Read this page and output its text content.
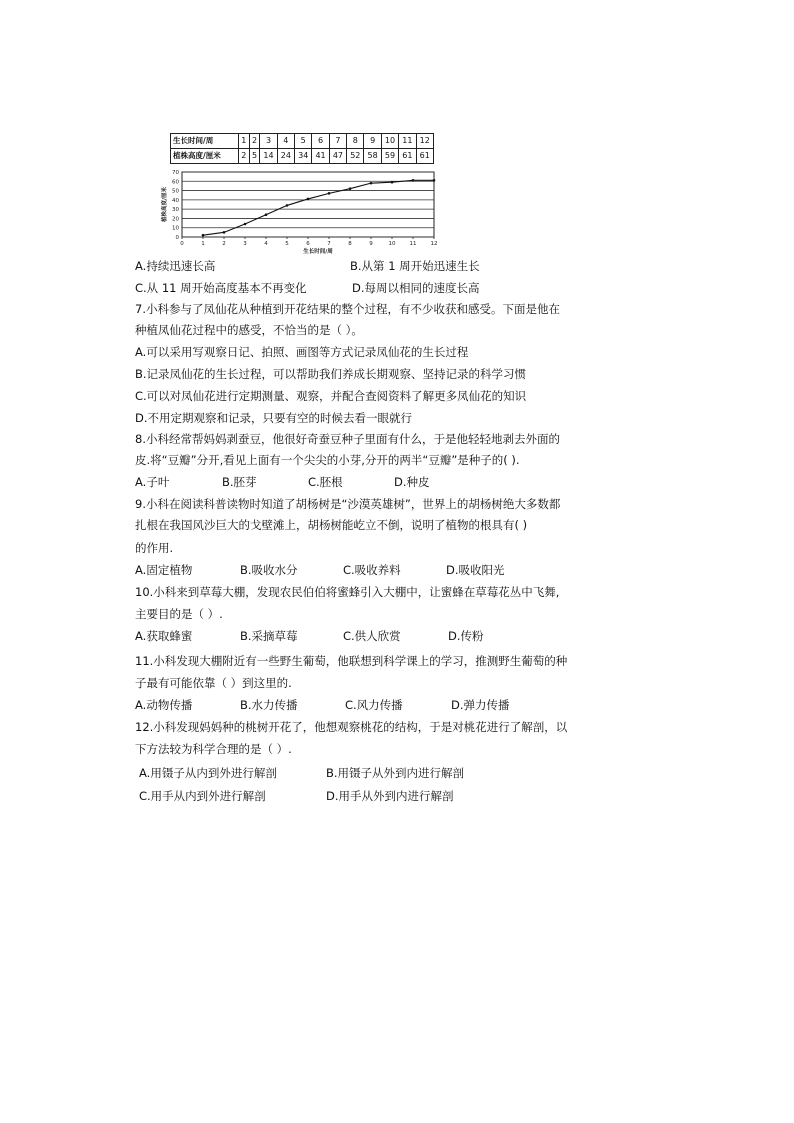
生长时间/周	1	2	3	4	5	6	7	8	9	10	11	12
植株高度/厘米	2	5	14	24	34	41	47	52	58	59	61	61
0
10
20
30
40
50
60
70
0	1	2	3	4	5	6	7	8	9	10	11	12
生长时间/周
植株高度/厘米
A.持续迅速长高	B.从第 1 周开始迅速生长
C.从 11 周开始高度基本不再变化	D.每周以相同的速度长高
7.小科参与了凤仙花从种植到开花结果的整个过程，有不少收获和感受。下面是他在
种植凤仙花过程中的感受，不恰当的是（ ）。
A.可以采用写观察日记、拍照、画图等方式记录凤仙花的生长过程
B.记录凤仙花的生长过程，可以帮助我们养成长期观察、坚持记录的科学习惯
C.可以对凤仙花进行定期测量、观察，并配合查阅资料了解更多凤仙花的知识
D.不用定期观察和记录，只要有空的时候去看一眼就行
8.小科经常帮妈妈剥蚕豆，他很好奇蚕豆种子里面有什么，于是他轻轻地剥去外面的
皮.将“豆瓣”分开,看见上面有一个尖尖的小芽,分开的两半“豆瓣”是种子的( ).
A.子叶	B.胚芽	C.胚根	D.种皮
9.小科在阅读科普读物时知道了胡杨树是“沙漠英雄树”，世界上的胡杨树绝大多数都
扎根在我国风沙巨大的戈壁滩上，胡杨树能屹立不倒，说明了植物的根具有( )
的作用.
A.固定植物	B.吸收水分	C.吸收养料	D.吸收阳光
10.小科来到草莓大棚，发现农民伯伯将蜜蜂引入大棚中，让蜜蜂在草莓花丛中飞舞,
主要目的是（ ）.
A.获取蜂蜜	B.采摘草莓	C.供人欣赏	D.传粉
11.小科发现大棚附近有一些野生葡萄，他联想到科学课上的学习，推测野生葡萄的种
子最有可能依靠（ ）到这里的.
A.动物传播	B.水力传播	C.风力传播	D.弹力传播
12.小科发现妈妈种的桃树开花了，他想观察桃花的结构，于是对桃花进行了解剖，以
下方法较为科学合理的是（ ）.
A.用镊子从内到外进行解剖	B.用镊子从外到内进行解剖
C.用手从内到外进行解剖	D.用手从外到内进行解剖
